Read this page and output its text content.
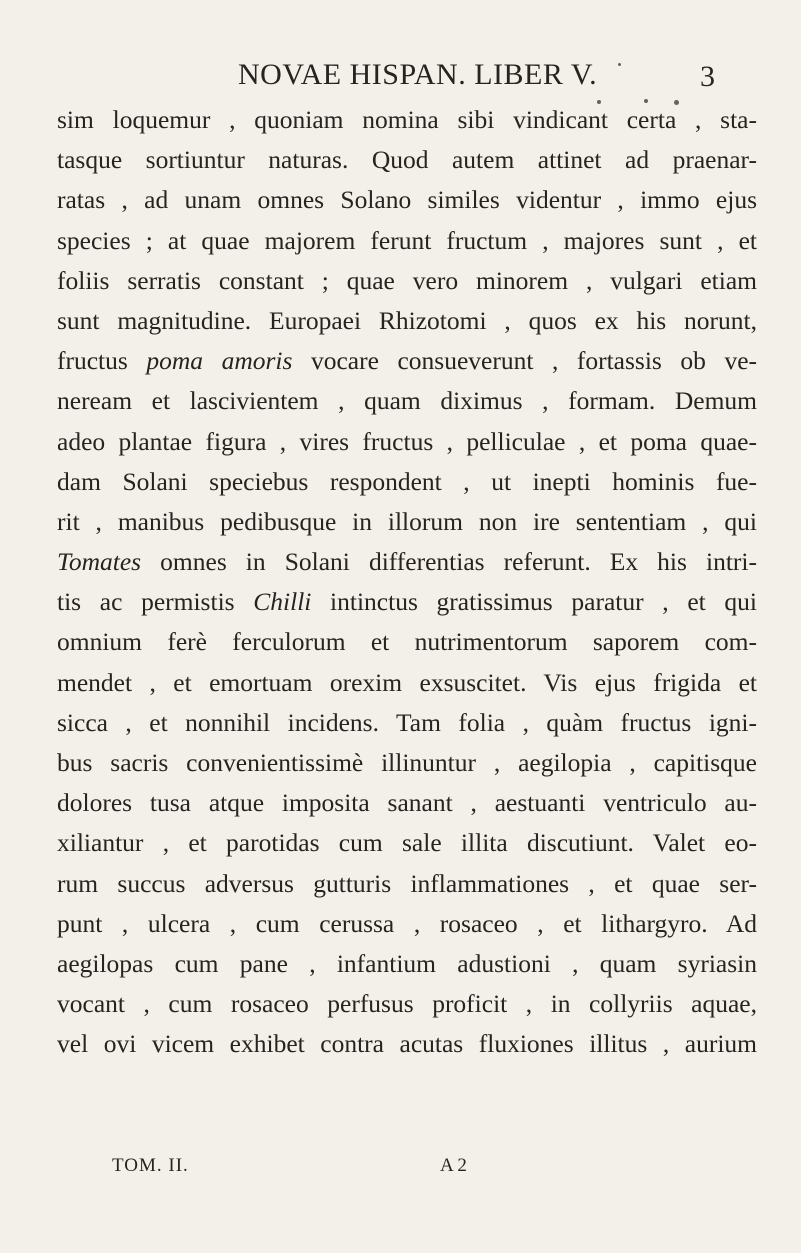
NOVAE HISPAN. LIBER V.	3
sim loquemur , quoniam nomina sibi vindicant certa , sta-
tasque sortiuntur naturas. Quod autem attinet ad praenar-
ratas , ad unam omnes Solano similes videntur , immo ejus
species ; at quae majorem ferunt fructum , majores sunt , et
foliis serratis constant ; quae vero minorem , vulgari etiam
sunt magnitudine. Europaei Rhizotomi , quos ex his norunt,
fructus poma amoris vocare consueverunt , fortassis ob ve-
neream et lascivientem , quam diximus , formam. Demum
adeo plantae figura , vires fructus , pelliculae , et poma quae-
dam Solani speciebus respondent , ut inepti hominis fue-
rit , manibus pedibusque in illorum non ire sententiam , qui
Tomates omnes in Solani differentias referunt. Ex his intri-
tis ac permistis Chilli intinctus gratissimus paratur , et qui
omnium ferè ferculorum et nutrimentorum saporem com-
mendet , et emortuam orexim exsuscitet. Vis ejus frigida et
sicca , et nonnihil incidens. Tam folia , quàm fructus igni-
bus sacris convenientissimè illinuntur , aegilopia , capitisque
dolores tusa atque imposita sanant , aestuanti ventriculo au-
xiliantur , et parotidas cum sale illita discutiunt. Valet eo-
rum succus adversus gutturis inflammationes , et quae ser-
punt , ulcera , cum cerussa , rosaceo , et lithargyro. Ad
aegilopas cum pane , infantium adustioni , quam syriasin
vocant , cum rosaceo perfusus proficit , in collyriis aquae,
vel ovi vicem exhibet contra acutas fluxiones illitus , aurium
TOM. II.	A 2
